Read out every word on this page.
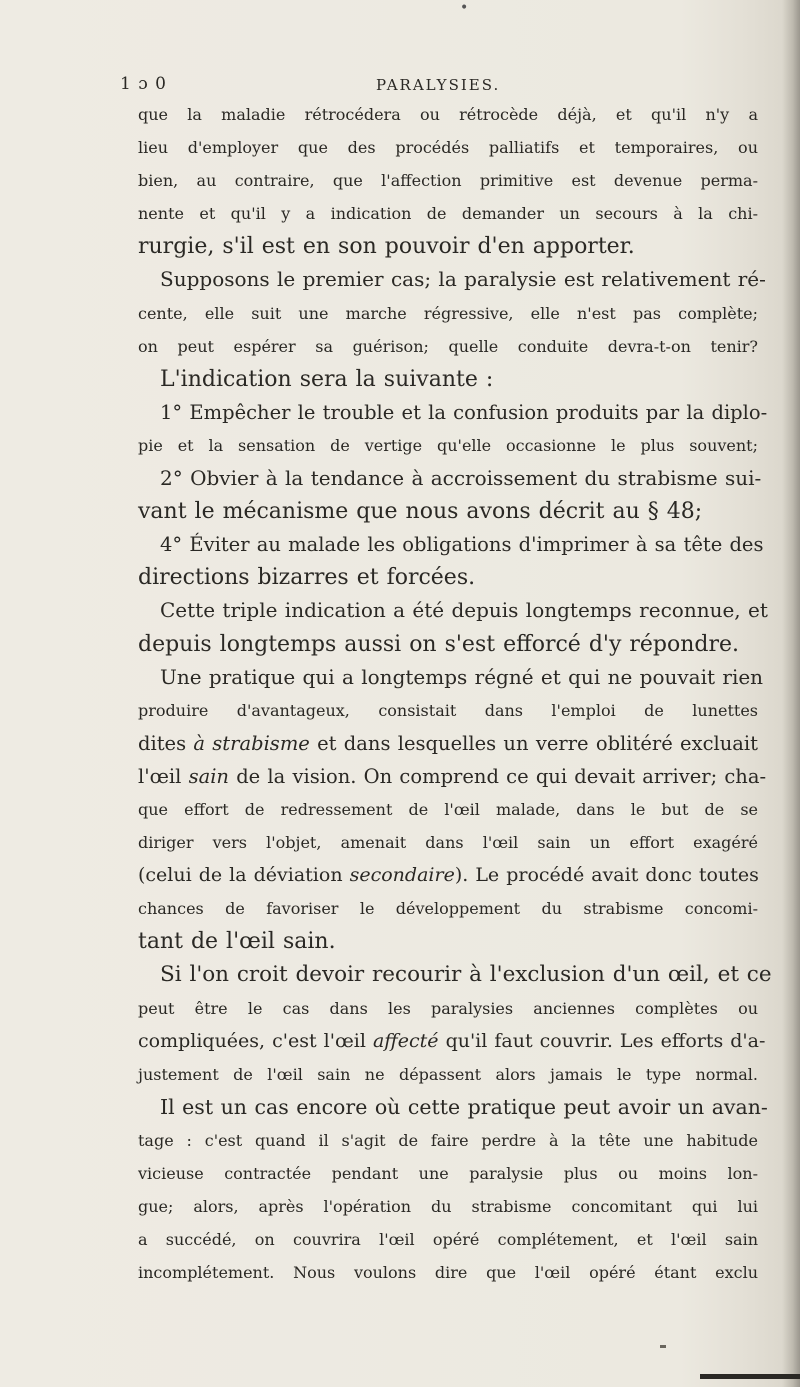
•
1 ɔ 0	PARALYSIES.
que la maladie rétrocédera ou rétrocède déjà, et qu'il n'y a
lieu d'employer que des procédés palliatifs et temporaires, ou
bien, au contraire, que l'affection primitive est devenue perma-
nente et qu'il y a indication de demander un secours à la chi-
rurgie, s'il est en son pouvoir d'en apporter.
Supposons le premier cas; la paralysie est relativement ré-
cente, elle suit une marche régressive, elle n'est pas complète;
on peut espérer sa guérison; quelle conduite devra-t-on tenir?
L'indication sera la suivante :
1° Empêcher le trouble et la confusion produits par la diplo-
pie et la sensation de vertige qu'elle occasionne le plus souvent;
2° Obvier à la tendance à accroissement du strabisme sui-
vant le mécanisme que nous avons décrit au § 48;
4° Éviter au malade les obligations d'imprimer à sa tête des
directions bizarres et forcées.
Cette triple indication a été depuis longtemps reconnue, et
depuis longtemps aussi on s'est efforcé d'y répondre.
Une pratique qui a longtemps régné et qui ne pouvait rien
produire d'avantageux, consistait dans l'emploi de lunettes
dites à strabisme et dans lesquelles un verre oblitéré excluait
l'œil sain de la vision. On comprend ce qui devait arriver; cha-
que effort de redressement de l'œil malade, dans le but de se
diriger vers l'objet, amenait dans l'œil sain un effort exagéré
(celui de la déviation secondaire). Le procédé avait donc toutes
chances de favoriser le développement du strabisme concomi-
tant de l'œil sain.
Si l'on croit devoir recourir à l'exclusion d'un œil, et ce
peut être le cas dans les paralysies anciennes complètes ou
compliquées, c'est l'œil affecté qu'il faut couvrir. Les efforts d'a-
justement de l'œil sain ne dépassent alors jamais le type normal.
Il est un cas encore où cette pratique peut avoir un avan-
tage : c'est quand il s'agit de faire perdre à la tête une habitude
vicieuse contractée pendant une paralysie plus ou moins lon-
gue; alors, après l'opération du strabisme concomitant qui lui
a succédé, on couvrira l'œil opéré complétement, et l'œil sain
incomplétement. Nous voulons dire que l'œil opéré étant exclu
